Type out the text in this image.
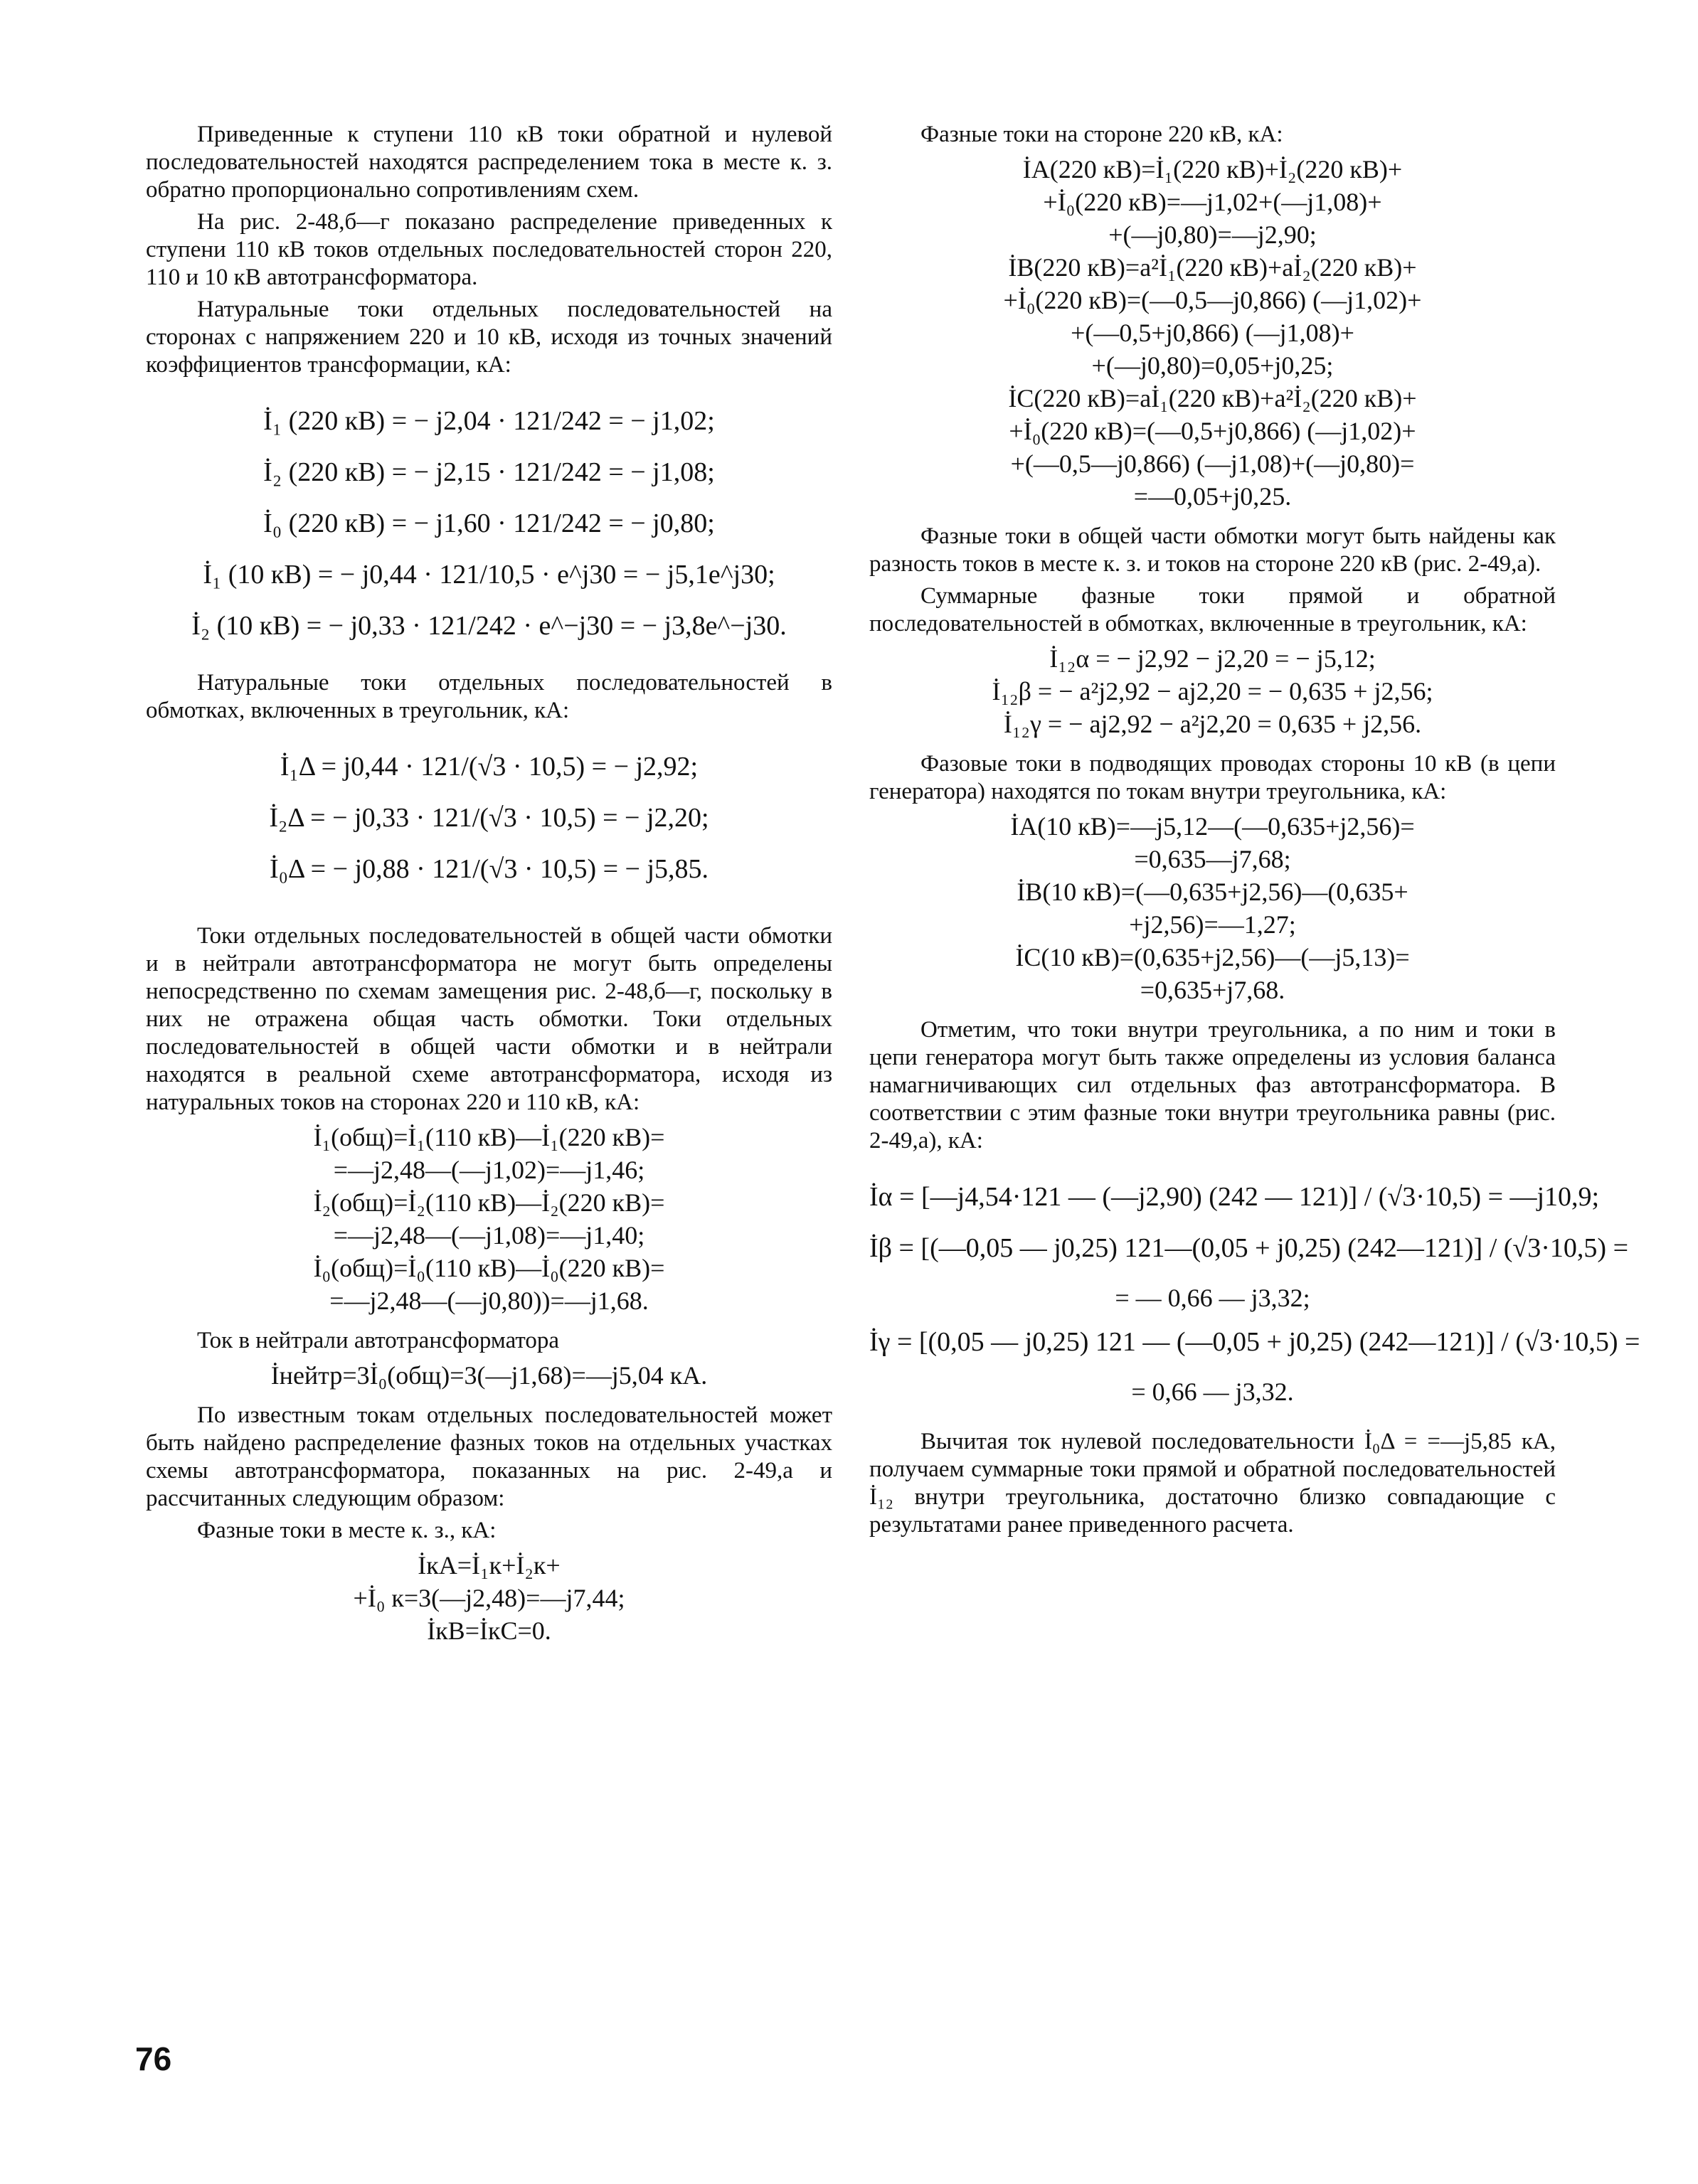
Приведенные к ступени 110 кВ токи обратной и нулевой последовательностей находятся распределением тока в месте к. з. обратно пропорционально сопротивлениям схем.

На рис. 2-48,б—г показано распределение приведенных к ступени 110 кВ токов отдельных последовательностей сторон 220, 110 и 10 кВ автотрансформатора.

Натуральные токи отдельных последовательностей на сторонах с напряжением 220 и 10 кВ, исходя из точных значений коэффициентов трансформации, кА:

İ₁ (220 кВ) = − j2,04 · 121/242 = − j1,02;

İ₂ (220 кВ) = − j2,15 · 121/242 = − j1,08;

İ₀ (220 кВ) = − j1,60 · 121/242 = − j0,80;

İ₁ (10 кВ) = − j0,44 · 121/10,5 · e^j30 = − j5,1e^j30;

İ₂ (10 кВ) = − j0,33 · 121/242 · e^−j30 = − j3,8e^−j30.

Натуральные токи отдельных последовательностей в обмотках, включенных в треугольник, кА:

İ₁Δ = j0,44 · 121/(√3 · 10,5) = − j2,92;

İ₂Δ = − j0,33 · 121/(√3 · 10,5) = − j2,20;

İ₀Δ = − j0,88 · 121/(√3 · 10,5) = − j5,85.

Токи отдельных последовательностей в общей части обмотки и в нейтрали автотрансформатора не могут быть определены непосредственно по схемам замещения рис. 2-48,б—г, поскольку в них не отражена общая часть обмотки. Токи отдельных последовательностей в общей части обмотки и в нейтрали находятся в реальной схеме автотрансформатора, исходя из натуральных токов на сторонах 220 и 110 кВ, кА:

İ₁(общ)=İ₁(110 кВ)—İ₁(220 кВ)=

=—j2,48—(—j1,02)=—j1,46;

İ₂(общ)=İ₂(110 кВ)—İ₂(220 кВ)=

=—j2,48—(—j1,08)=—j1,40;

İ₀(общ)=İ₀(110 кВ)—İ₀(220 кВ)=

=—j2,48—(—j0,80))=—j1,68.

Ток в нейтрали автотрансформатора

İнейтр=3İ₀(общ)=3(—j1,68)=—j5,04 кА.

По известным токам отдельных последовательностей может быть найдено распределение фазных токов на отдельных участках схемы автотрансформатора, показанных на рис. 2-49,а и рассчитанных следующим образом:

Фазные токи в месте к. з., кА:

İкА=İ₁к+İ₂к+

+İ₀ к=3(—j2,48)=—j7,44;

İкВ=İкС=0.

Фазные токи на стороне 220 кВ, кА:

İА(220 кВ)=İ₁(220 кВ)+İ₂(220 кВ)+

+İ₀(220 кВ)=—j1,02+(—j1,08)+

+(—j0,80)=—j2,90;

İВ(220 кВ)=a²İ₁(220 кВ)+aİ₂(220 кВ)+

+İ₀(220 кВ)=(—0,5—j0,866) (—j1,02)+

+(—0,5+j0,866) (—j1,08)+

+(—j0,80)=0,05+j0,25;

İС(220 кВ)=aİ₁(220 кВ)+a²İ₂(220 кВ)+

+İ₀(220 кВ)=(—0,5+j0,866) (—j1,02)+

+(—0,5—j0,866) (—j1,08)+(—j0,80)=

=—0,05+j0,25.

Фазные токи в общей части обмотки могут быть найдены как разность токов в месте к. з. и токов на стороне 220 кВ (рис. 2-49,а).

Суммарные фазные токи прямой и обратной последовательностей в обмотках, включенные в треугольник, кА:

İ₁₂α = − j2,92 − j2,20 = − j5,12;

İ₁₂β = − a²j2,92 − aj2,20 = − 0,635 + j2,56;

İ₁₂γ = − aj2,92 − a²j2,20 = 0,635 + j2,56.

Фазовые токи в подводящих проводах стороны 10 кВ (в цепи генератора) находятся по токам внутри треугольника, кА:

İА(10 кВ)=—j5,12—(—0,635+j2,56)=

=0,635—j7,68;

İВ(10 кВ)=(—0,635+j2,56)—(0,635+

+j2,56)=—1,27;

İС(10 кВ)=(0,635+j2,56)—(—j5,13)=

=0,635+j7,68.

Отметим, что токи внутри треугольника, а по ним и токи в цепи генератора могут быть также определены из условия баланса намагничивающих сил отдельных фаз автотрансформатора. В соответствии с этим фазные токи внутри треугольника равны (рис. 2-49,а), кА:

İα = [—j4,54·121 — (—j2,90) (242 — 121)] / (√3·10,5) = —j10,9;

İβ = [(—0,05 — j0,25) 121—(0,05 + j0,25) (242—121)] / (√3·10,5) =

= — 0,66 — j3,32;

İγ = [(0,05 — j0,25) 121 — (—0,05 + j0,25) (242—121)] / (√3·10,5) =

= 0,66 — j3,32.

Вычитая ток нулевой последовательности İ₀Δ = =—j5,85 кА, получаем суммарные токи прямой и обратной последовательностей İ₁₂ внутри треугольника, достаточно близко совпадающие с результатами ранее приведенного расчета.

76
